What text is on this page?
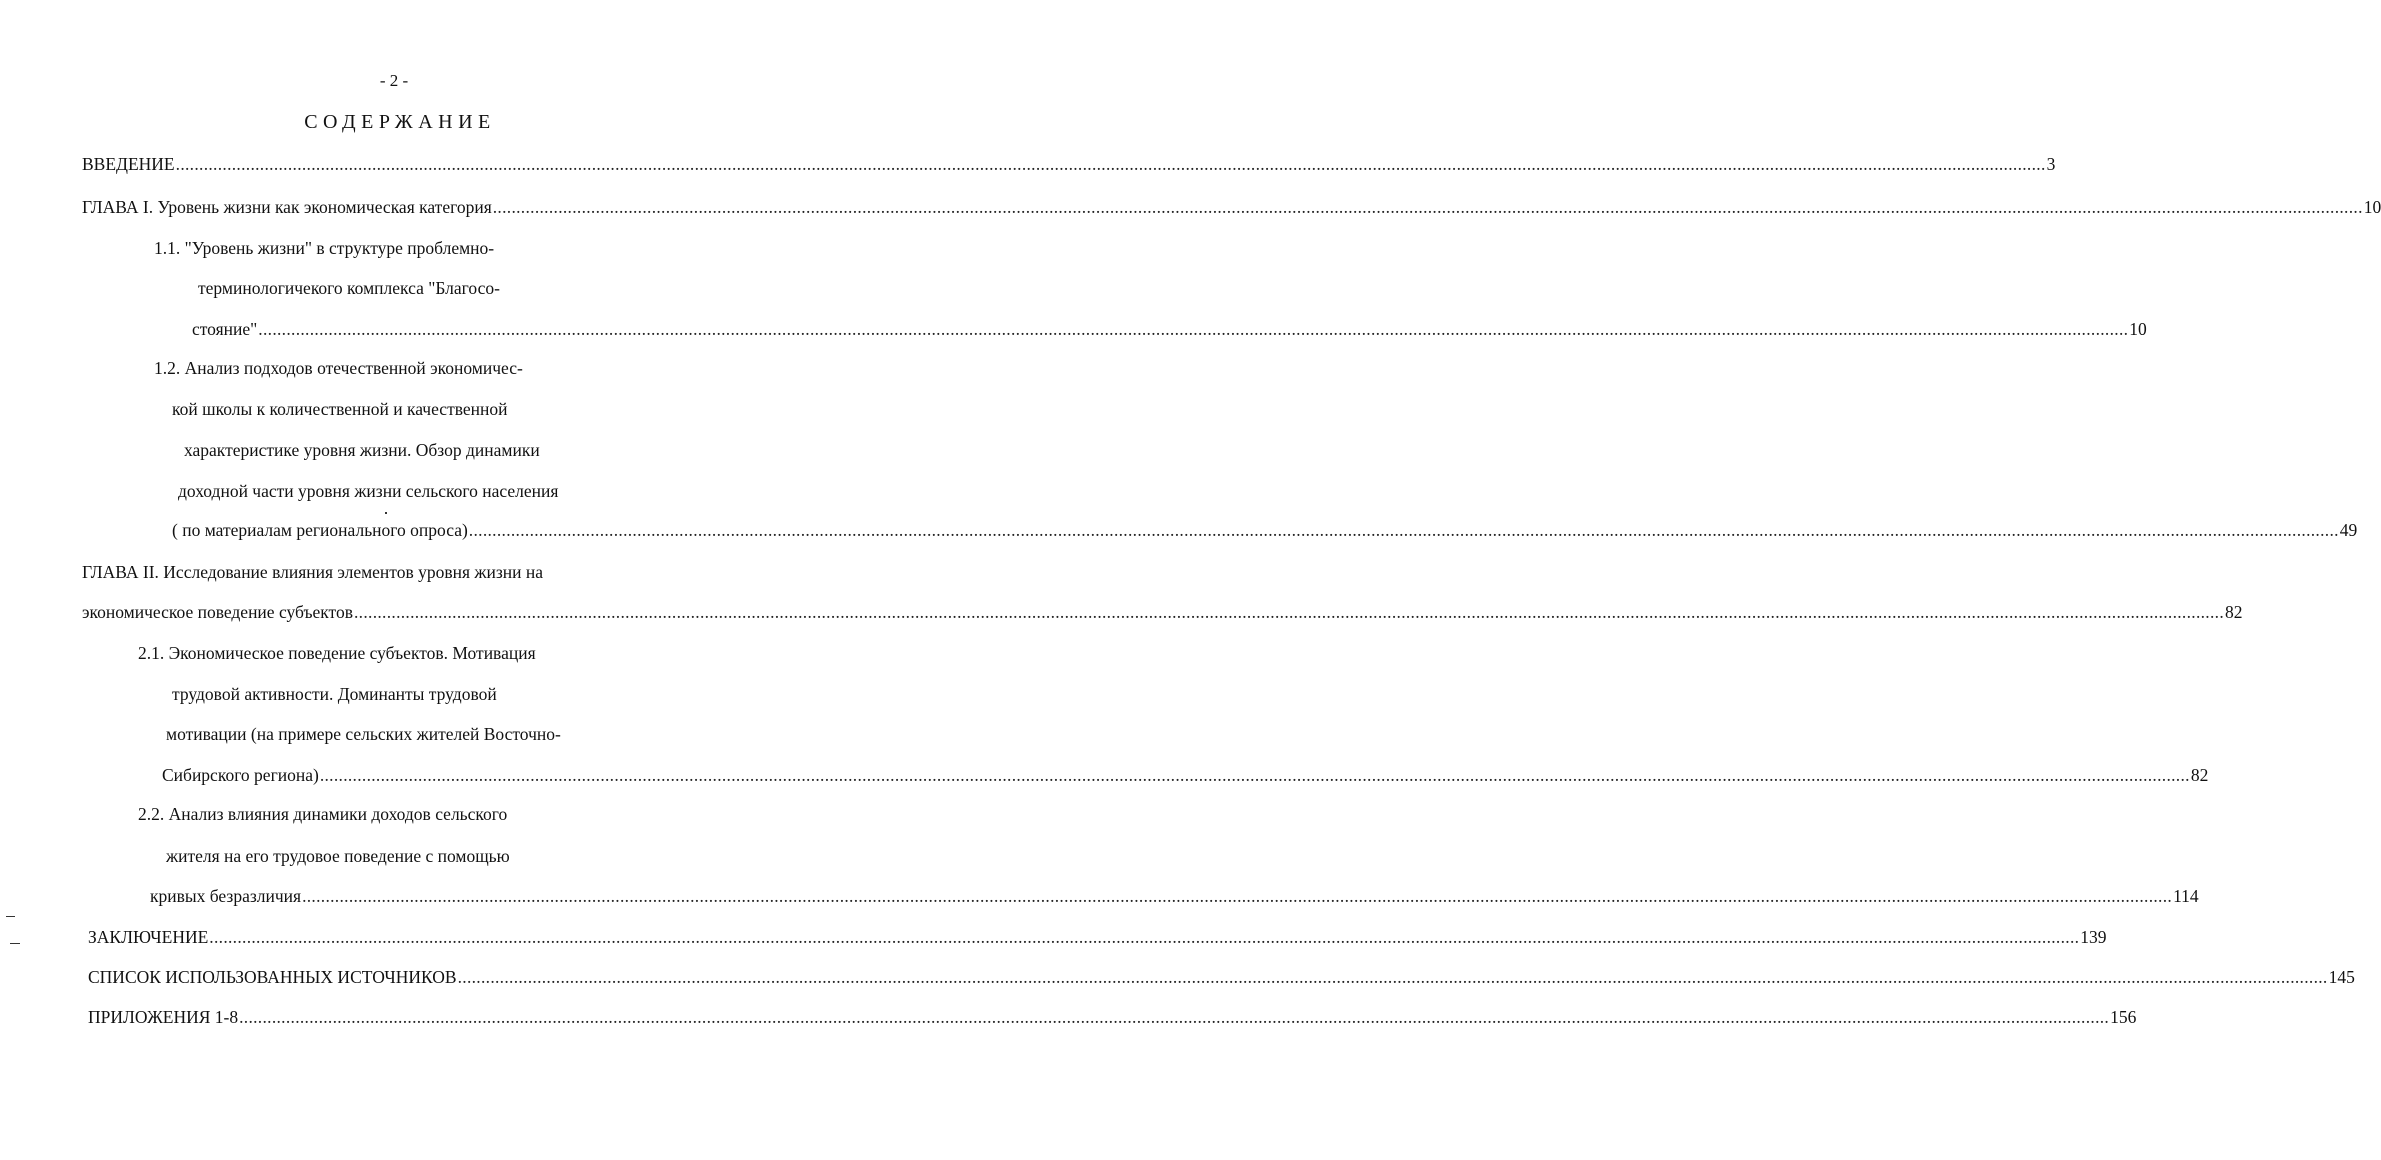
- 2 -
СОДЕРЖАНИЕ
ВВЕДЕНИЕ ................................................................................................................................................................................................................................................................................................................................................................................................................ 3
ГЛАВА I. Уровень жизни как экономическая категория ................................................................................................................................................................................................................................................................................................................................................................................................................ 10
1.1. "Уровень жизни" в структуре проблемно-
терминологичекого комплекса "Благосо-
стояние" ................................................................................................................................................................................................................................................................................................................................................................................................................ 10
1.2. Анализ подходов отечественной экономичес-
кой школы к количественной и качественной
характеристике уровня жизни. Обзор динамики
доходной части уровня жизни сельского населения
( по материалам регионального опроса) ................................................................................................................................................................................................................................................................................................................................................................................................................ 49
ГЛАВА II. Исследование влияния элементов уровня жизни на
экономическое поведение субъектов ................................................................................................................................................................................................................................................................................................................................................................................................................ 82
2.1. Экономическое поведение субъектов. Мотивация
трудовой активности. Доминанты трудовой
мотивации (на примере сельских жителей Восточно-
Сибирского региона) ................................................................................................................................................................................................................................................................................................................................................................................................................ 82
2.2. Анализ влияния динамики доходов сельского
жителя на его трудовое поведение с помощью
кривых безразличия ................................................................................................................................................................................................................................................................................................................................................................................................................ 114
ЗАКЛЮЧЕНИЕ ................................................................................................................................................................................................................................................................................................................................................................................................................ 139
СПИСОК ИСПОЛЬЗОВАННЫХ ИСТОЧНИКОВ ................................................................................................................................................................................................................................................................................................................................................................................................................ 145
ПРИЛОЖЕНИЯ 1-8 ................................................................................................................................................................................................................................................................................................................................................................................................................ 156
